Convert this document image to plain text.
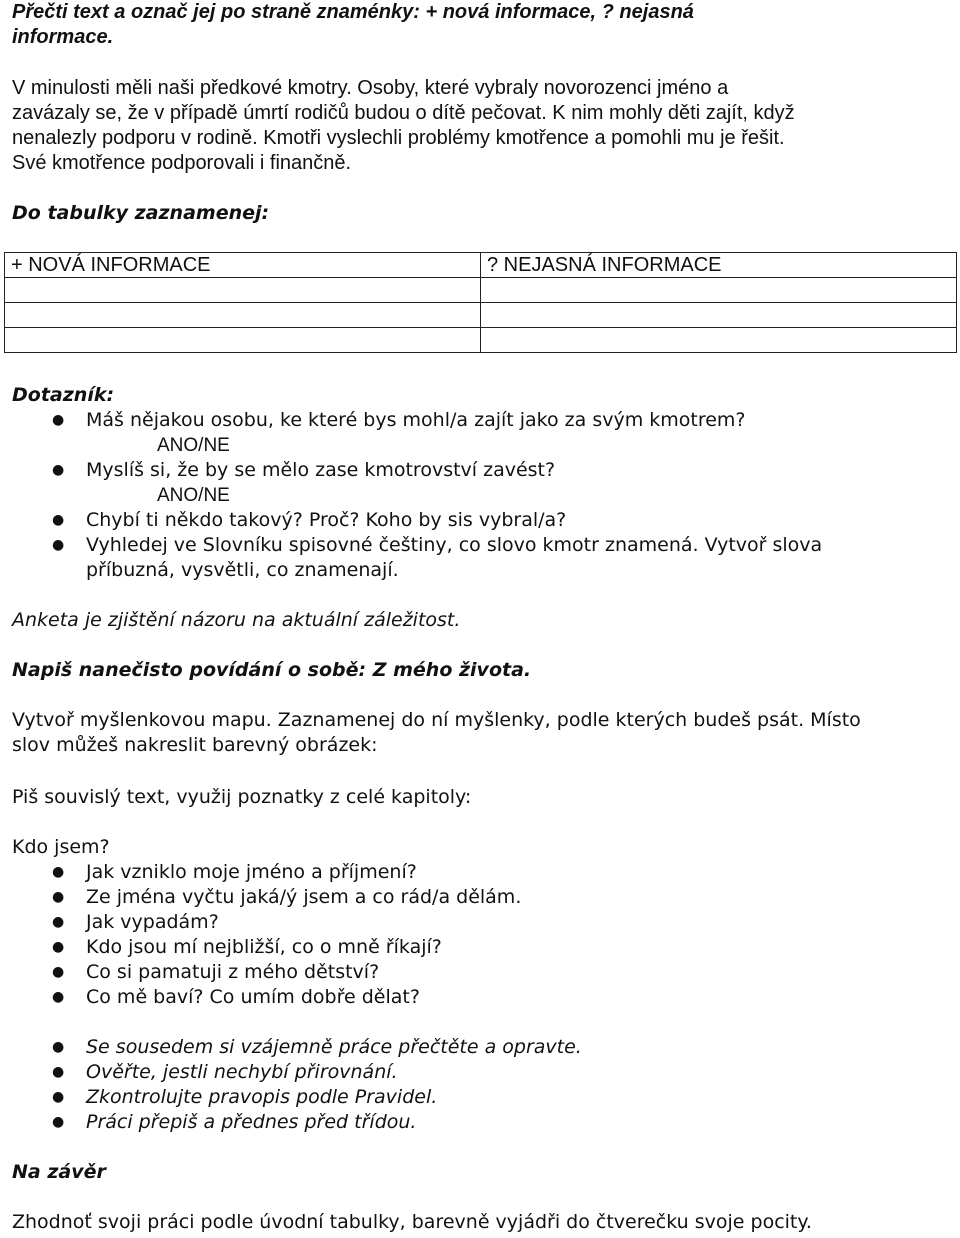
Přečti text a označ jej po straně znaménky: + nová informace, ? nejasná
informace.
V minulosti měli naši předkové kmotry. Osoby, které vybraly novorozenci jméno a
zavázaly se, že v případě úmrtí rodičů budou o dítě pečovat. K nim mohly děti zajít, když
nenalezly podporu v rodině. Kmotři vyslechli problémy kmotřence a pomohli mu je řešit.
Své kmotřence podporovali i finančně.
Do tabulky zaznamenej:
+ NOVÁ INFORMACE	? NEJASNÁ INFORMACE

Dotazník:
● Máš nějakou osobu, ke které bys mohl/a zajít jako za svým kmotrem?
ANO/NE
● Myslíš si, že by se mělo zase kmotrovství zavést?
ANO/NE
● Chybí ti někdo takový? Proč? Koho by sis vybral/a?
● Vyhledej ve Slovníku spisovné češtiny, co slovo kmotr znamená. Vytvoř slova
příbuzná, vysvětli, co znamenají.
Anketa je zjištění názoru na aktuální záležitost.
Napiš nanečisto povídání o sobě: Z mého života.
Vytvoř myšlenkovou mapu. Zaznamenej do ní myšlenky, podle kterých budeš psát. Místo
slov můžeš nakreslit barevný obrázek:
Piš souvislý text, využij poznatky z celé kapitoly:
Kdo jsem?
● Jak vzniklo moje jméno a příjmení?
● Ze jména vyčtu jaká/ý jsem a co rád/a dělám.
● Jak vypadám?
● Kdo jsou mí nejbližší, co o mně říkají?
● Co si pamatuji z mého dětství?
● Co mě baví? Co umím dobře dělat?
● Se sousedem si vzájemně práce přečtěte a opravte.
● Ověřte, jestli nechybí přirovnání.
● Zkontrolujte pravopis podle Pravidel.
● Práci přepiš a přednes před třídou.
Na závěr
Zhodnoť svoji práci podle úvodní tabulky, barevně vyjádři do čtverečku svoje pocity.
